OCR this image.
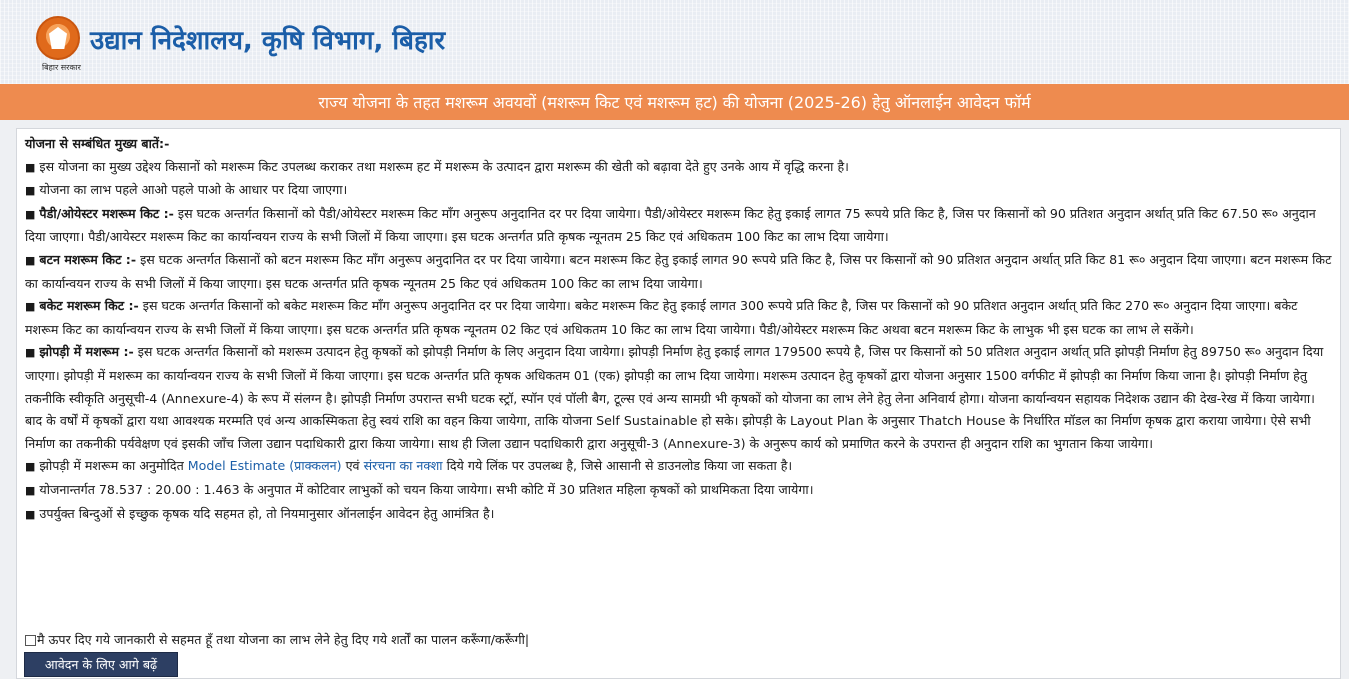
बिहार सरकार
उद्यान निदेशालय, कृषि विभाग, बिहार
राज्य योजना के तहत मशरूम अवयवों (मशरूम किट एवं मशरूम हट) की योजना (2025-26) हेतु ऑनलाईन आवेदन फॉर्म
योजना से सम्बंधित मुख्य बातें:-
■ इस योजना का मुख्य उद्देश्य किसानों को मशरूम किट उपलब्ध कराकर तथा मशरूम हट में मशरूम के उत्पादन द्वारा मशरूम की खेती को बढ़ावा देते हुए उनके आय में वृद्धि करना है।
■ योजना का लाभ पहले आओ पहले पाओ के आधार पर दिया जाएगा।
■ पैडी/ओयेस्टर मशरूम किट :- इस घटक अन्तर्गत किसानों को पैडी/ओयेस्टर मशरूम किट माँग अनुरूप अनुदानित दर पर दिया जायेगा। पैडी/ओयेस्टर मशरूम किट हेतु इकाई लागत 75 रूपये प्रति किट है, जिस पर किसानों को 90 प्रतिशत अनुदान अर्थात् प्रति किट 67.50 रू० अनुदान दिया जाएगा। पैडी/आयेस्टर मशरूम किट का कार्यान्वयन राज्य के सभी जिलों में किया जाएगा। इस घटक अन्तर्गत प्रति कृषक न्यूनतम 25 किट एवं अधिकतम 100 किट का लाभ दिया जायेगा।
■ बटन मशरूम किट :- इस घटक अन्तर्गत किसानों को बटन मशरूम किट माँग अनुरूप अनुदानित दर पर दिया जायेगा। बटन मशरूम किट हेतु इकाई लागत 90 रूपये प्रति किट है, जिस पर किसानों को 90 प्रतिशत अनुदान अर्थात् प्रति किट 81 रू० अनुदान दिया जाएगा। बटन मशरूम किट का कार्यान्वयन राज्य के सभी जिलों में किया जाएगा। इस घटक अन्तर्गत प्रति कृषक न्यूनतम 25 किट एवं अधिकतम 100 किट का लाभ दिया जायेगा।
■ बकेट मशरूम किट :- इस घटक अन्तर्गत किसानों को बकेट मशरूम किट माँग अनुरूप अनुदानित दर पर दिया जायेगा। बकेट मशरूम किट हेतु इकाई लागत 300 रूपये प्रति किट है, जिस पर किसानों को 90 प्रतिशत अनुदान अर्थात् प्रति किट 270 रू० अनुदान दिया जाएगा। बकेट मशरूम किट का कार्यान्वयन राज्य के सभी जिलों में किया जाएगा। इस घटक अन्तर्गत प्रति कृषक न्यूनतम 02 किट एवं अधिकतम 10 किट का लाभ दिया जायेगा। पैडी/ओयेस्टर मशरूम किट अथवा बटन मशरूम किट के लाभुक भी इस घटक का लाभ ले सकेंगे।
■ झोपड़ी में मशरूम :- इस घटक अन्तर्गत किसानों को मशरूम उत्पादन हेतु कृषकों को झोपड़ी निर्माण के लिए अनुदान दिया जायेगा। झोपड़ी निर्माण हेतु इकाई लागत 179500 रूपये है, जिस पर किसानों को 50 प्रतिशत अनुदान अर्थात् प्रति झोपड़ी निर्माण हेतु 89750 रू० अनुदान दिया जाएगा। झोपड़ी में मशरूम का कार्यान्वयन राज्य के सभी जिलों में किया जाएगा। इस घटक अन्तर्गत प्रति कृषक अधिकतम 01 (एक) झोपड़ी का लाभ दिया जायेगा। मशरूम उत्पादन हेतु कृषकों द्वारा योजना अनुसार 1500 वर्गफीट में झोपड़ी का निर्माण किया जाना है। झोपड़ी निर्माण हेतु तकनीकि स्वीकृति अनुसूची-4 (Annexure-4) के रूप में संलग्न है। झोपड़ी निर्माण उपरान्त सभी घटक स्ट्रॉ, स्पॉन एवं पॉली बैग, टूल्स एवं अन्य सामग्री भी कृषकों को योजना का लाभ लेने हेतु लेना अनिवार्य होगा। योजना कार्यान्वयन सहायक निदेशक उद्यान की देख-रेख में किया जायेगा। बाद के वर्षों में कृषकों द्वारा यथा आवश्यक मरम्मति एवं अन्य आकस्मिकता हेतु स्वयं राशि का वहन किया जायेगा, ताकि योजना Self Sustainable हो सके। झोपड़ी के Layout Plan के अनुसार Thatch House के निर्धारित मॉडल का निर्माण कृषक द्वारा कराया जायेगा। ऐसे सभी निर्माण का तकनीकी पर्यवेक्षण एवं इसकी जाँच जिला उद्यान पदाधिकारी द्वारा किया जायेगा। साथ ही जिला उद्यान पदाधिकारी द्वारा अनुसूची-3 (Annexure-3) के अनुरूप कार्य को प्रमाणित करने के उपरान्त ही अनुदान राशि का भुगतान किया जायेगा।
■ झोपड़ी में मशरूम का अनुमोदित Model Estimate (प्राक्कलन) एवं संरचना का नक्शा दिये गये लिंक पर उपलब्ध है, जिसे आसानी से डाउनलोड किया जा सकता है।
■ योजनान्तर्गत 78.537 : 20.00 : 1.463 के अनुपात में कोटिवार लाभुकों को चयन किया जायेगा। सभी कोटि में 30 प्रतिशत महिला कृषकों को प्राथमिकता दिया जायेगा।
■ उपर्युक्त बिन्दुओं से इच्छुक कृषक यदि सहमत हो, तो नियमानुसार ऑनलाईन आवेदन हेतु आमंत्रित है।
मै ऊपर दिए गये जानकारी से सहमत हूँ तथा योजना का लाभ लेने हेतु दिए गये शर्तों का पालन करूँगा/करूँगी|
आवेदन के लिए आगे बढ़ें
